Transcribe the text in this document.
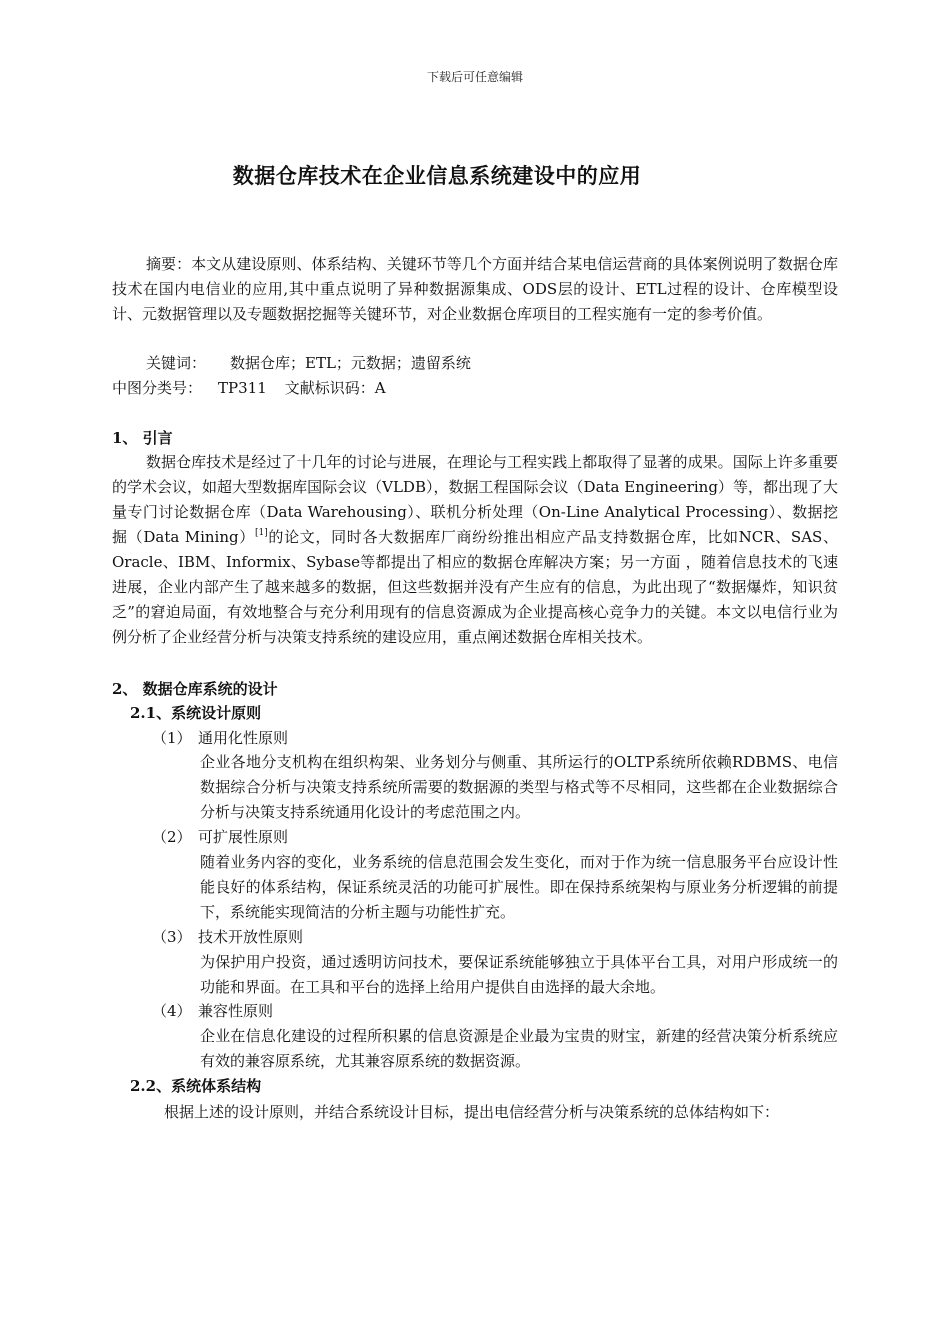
下载后可任意编辑
数据仓库技术在企业信息系统建设中的应用
摘要：本文从建设原则、体系结构、关键环节等几个方面并结合某电信运营商的具体案例说明了数据仓库技术在国内电信业的应用,其中重点说明了异种数据源集成、ODS层的设计、ETL过程的设计、仓库模型设计、元数据管理以及专题数据挖掘等关键环节，对企业数据仓库项目的工程实施有一定的参考价值。
关键词： 数据仓库；ETL；元数据；遗留系统
中图分类号： TP311 文献标识码：A
1、 引言
数据仓库技术是经过了十几年的讨论与进展，在理论与工程实践上都取得了显著的成果。国际上许多重要的学术会议，如超大型数据库国际会议（VLDB），数据工程国际会议（Data Engineering）等，都出现了大量专门讨论数据仓库（Data Warehousing）、联机分析处理（On-Line Analytical Processing）、数据挖掘（Data Mining）[1]的论文，同时各大数据库厂商纷纷推出相应产品支持数据仓库，比如NCR、SAS、Oracle、IBM、Informix、Sybase等都提出了相应的数据仓库解决方案；另一方面 ，随着信息技术的飞速进展，企业内部产生了越来越多的数据，但这些数据并没有产生应有的信息，为此出现了“数据爆炸，知识贫乏”的窘迫局面，有效地整合与充分利用现有的信息资源成为企业提高核心竞争力的关键。本文以电信行业为例分析了企业经营分析与决策支持系统的建设应用，重点阐述数据仓库相关技术。
2、 数据仓库系统的设计
2.1、系统设计原则
（1） 通用化性原则
企业各地分支机构在组织构架、业务划分与侧重、其所运行的OLTP系统所依赖RDBMS、电信数据综合分析与决策支持系统所需要的数据源的类型与格式等不尽相同，这些都在企业数据综合分析与决策支持系统通用化设计的考虑范围之内。
（2） 可扩展性原则
随着业务内容的变化，业务系统的信息范围会发生变化，而对于作为统一信息服务平台应设计性能良好的体系结构，保证系统灵活的功能可扩展性。即在保持系统架构与原业务分析逻辑的前提下，系统能实现简洁的分析主题与功能性扩充。
（3） 技术开放性原则
为保护用户投资，通过透明访问技术，要保证系统能够独立于具体平台工具，对用户形成统一的功能和界面。在工具和平台的选择上给用户提供自由选择的最大余地。
（4） 兼容性原则
企业在信息化建设的过程所积累的信息资源是企业最为宝贵的财宝，新建的经营决策分析系统应有效的兼容原系统，尤其兼容原系统的数据资源。
2.2、系统体系结构
根据上述的设计原则，并结合系统设计目标，提出电信经营分析与决策系统的总体结构如下：
